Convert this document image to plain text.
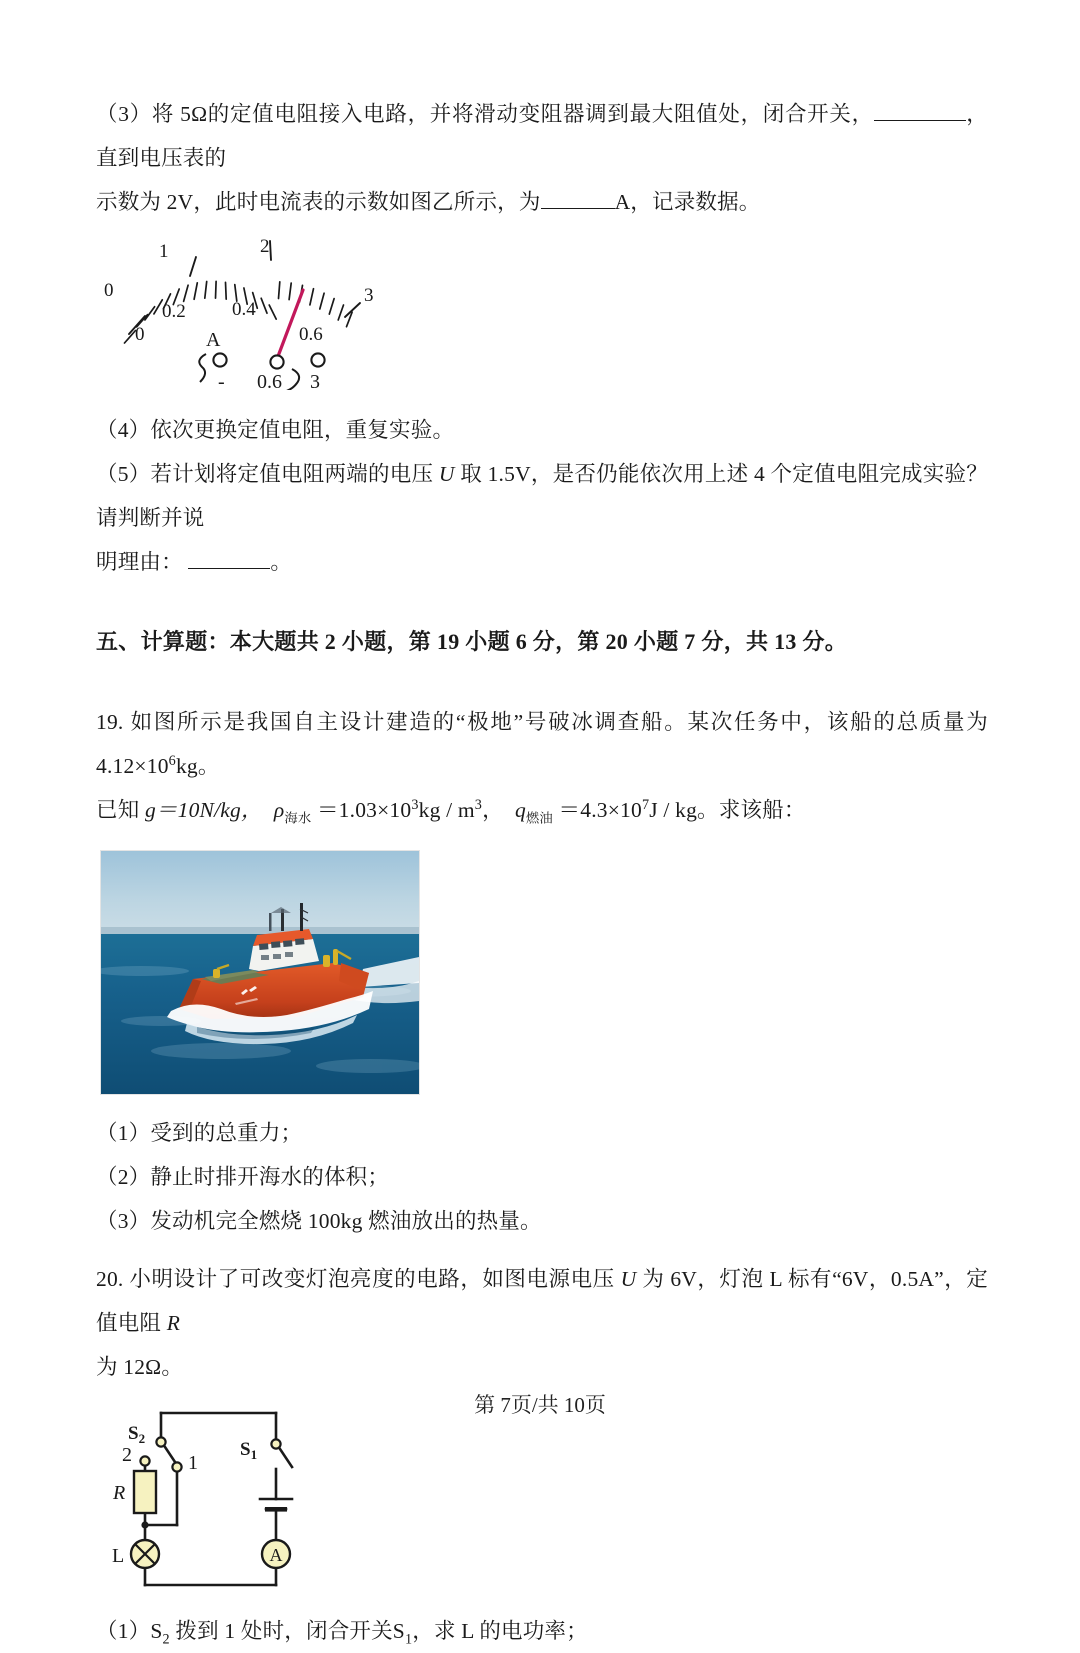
（3）将 5Ω的定值电阻接入电路，并将滑动变阻器调到最大阻值处，闭合开关，	，直到电压表的

示数为 2V，此时电流表的示数如图乙所示，为	A，记录数据。

0
1	2
3
0
0.2 0.4
0.6
A
- 0.6 3

（4）依次更换定值电阻，重复实验。

（5）若计划将定值电阻两端的电压 U 取 1.5V，是否仍能依次用上述 4 个定值电阻完成实验？请判断并说

明理由：	。

五、计算题：本大题共 2 小题，第 19 小题 6 分，第 20 小题 7 分，共 13 分。

19. 如图所示是我国自主设计建造的“极地”号破冰调查船。某次任务中，该船的总质量为 $4.12\times 10^6kg$。

已知 g＝10N/kg， $\rho_{海水} =1.03\times 10^3kg / m^3$， $q_{燃油} =4.3\times 10^7J$ / kg。求该船：

（1）受到的总重力；

（2）静止时排开海水的体积；

（3）发动机完全燃烧 100kg 燃油放出的热量。

20. 小明设计了可改变灯泡亮度的电路，如图电源电压 U 为 6V，灯泡 L 标有“6V，0.5A”，定值电阻 R

为 12Ω。

A
$S_2$
$S_1$
2	1
R
L

$(1)S_2$ 拨到 1 处时，闭合开关$S_1$，求 L 的电功率；

第 7页/共 10页
